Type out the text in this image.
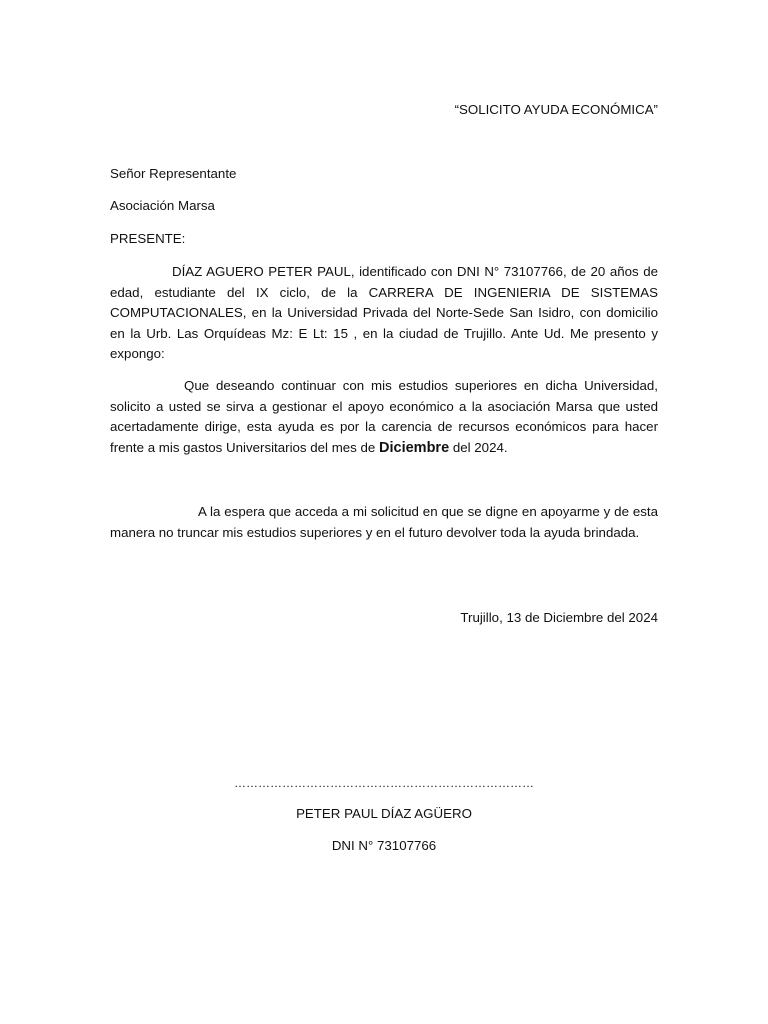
“SOLICITO AYUDA ECONÓMICA”
Señor Representante
Asociación Marsa
PRESENTE:
DÍAZ AGUERO PETER PAUL, identificado con DNI N° 73107766, de 20 años de edad, estudiante del IX ciclo, de la CARRERA DE INGENIERIA DE SISTEMAS COMPUTACIONALES, en la Universidad Privada del Norte-Sede San Isidro, con domicilio en la Urb. Las Orquídeas Mz: E Lt: 15 , en la ciudad de Trujillo. Ante Ud. Me presento y expongo:
Que deseando continuar con mis estudios superiores en dicha Universidad, solicito a usted se sirva a gestionar el apoyo económico a la asociación Marsa que usted acertadamente dirige, esta ayuda es por la carencia de recursos económicos para hacer frente a mis gastos Universitarios del mes de Diciembre del 2024.
A la espera que acceda a mi solicitud en que se digne en apoyarme y de esta manera no truncar mis estudios superiores y en el futuro devolver toda la ayuda brindada.
Trujillo, 13 de Diciembre del 2024
…………………………………………………………………
PETER PAUL DÍAZ AGÜERO
DNI N° 73107766
